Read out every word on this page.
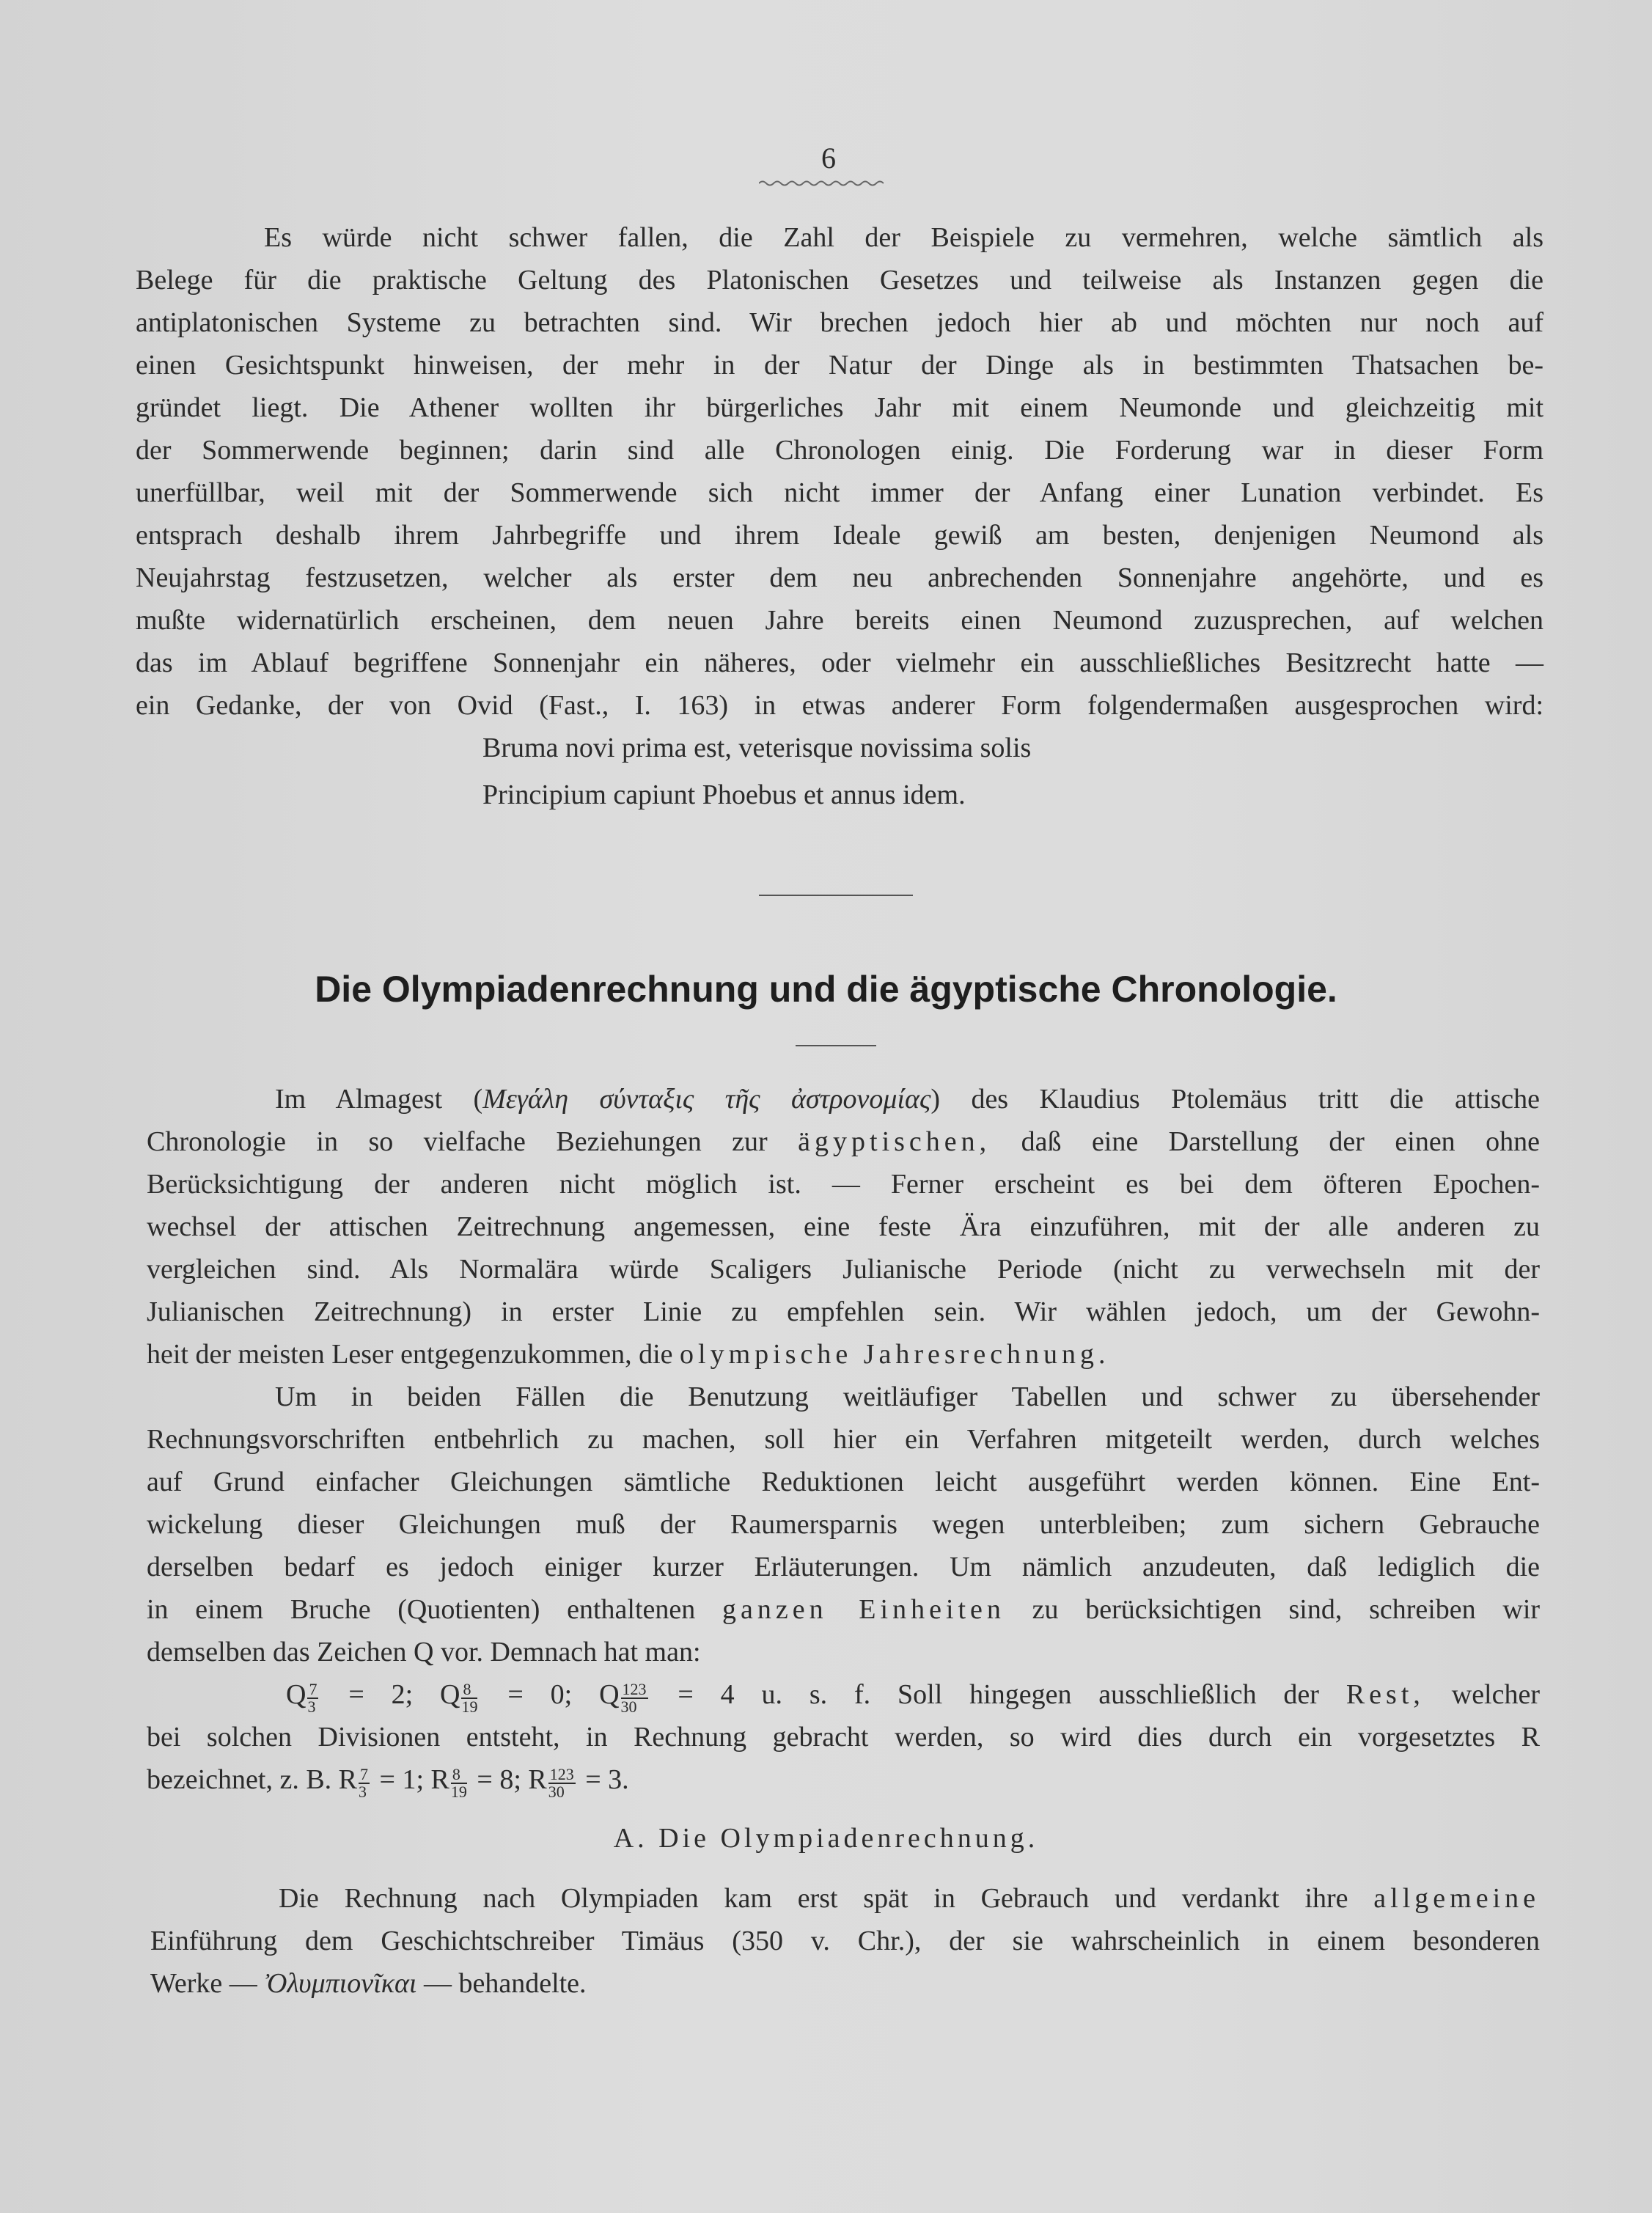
6
Es würde nicht schwer fallen, die Zahl der Beispiele zu vermehren, welche sämtlich als
Belege für die praktische Geltung des Platonischen Gesetzes und teilweise als Instanzen gegen die
antiplatonischen Systeme zu betrachten sind. Wir brechen jedoch hier ab und möchten nur noch auf
einen Gesichtspunkt hinweisen, der mehr in der Natur der Dinge als in bestimmten Thatsachen be-
gründet liegt. Die Athener wollten ihr bürgerliches Jahr mit einem Neumonde und gleichzeitig mit
der Sommerwende beginnen; darin sind alle Chronologen einig. Die Forderung war in dieser Form
unerfüllbar, weil mit der Sommerwende sich nicht immer der Anfang einer Lunation verbindet. Es
entsprach deshalb ihrem Jahrbegriffe und ihrem Ideale gewiß am besten, denjenigen Neumond als
Neujahrstag festzusetzen, welcher als erster dem neu anbrechenden Sonnenjahre angehörte, und es
mußte widernatürlich erscheinen, dem neuen Jahre bereits einen Neumond zuzusprechen, auf welchen
das im Ablauf begriffene Sonnenjahr ein näheres, oder vielmehr ein ausschließliches Besitzrecht hatte —
ein Gedanke, der von Ovid (Fast., I. 163) in etwas anderer Form folgendermaßen ausgesprochen wird:
Bruma novi prima est, veterisque novissima solis
Principium capiunt Phoebus et annus idem.
Die Olympiadenrechnung und die ägyptische Chronologie.
Im Almagest (Μεγάλη σύνταξις τῆς ἀστρονομίας) des Klaudius Ptolemäus tritt die attische
Chronologie in so vielfache Beziehungen zur ägyptischen, daß eine Darstellung der einen ohne
Berücksichtigung der anderen nicht möglich ist. — Ferner erscheint es bei dem öfteren Epochen-
wechsel der attischen Zeitrechnung angemessen, eine feste Ära einzuführen, mit der alle anderen zu
vergleichen sind. Als Normalära würde Scaligers Julianische Periode (nicht zu verwechseln mit der
Julianischen Zeitrechnung) in erster Linie zu empfehlen sein. Wir wählen jedoch, um der Gewohn-
heit der meisten Leser entgegenzukommen, die olympische Jahresrechnung.
Um in beiden Fällen die Benutzung weitläufiger Tabellen und schwer zu übersehender
Rechnungsvorschriften entbehrlich zu machen, soll hier ein Verfahren mitgeteilt werden, durch welches
auf Grund einfacher Gleichungen sämtliche Reduktionen leicht ausgeführt werden können. Eine Ent-
wickelung dieser Gleichungen muß der Raumersparnis wegen unterbleiben; zum sichern Gebrauche
derselben bedarf es jedoch einiger kurzer Erläuterungen. Um nämlich anzudeuten, daß lediglich die
in einem Bruche (Quotienten) enthaltenen ganzen Einheiten zu berücksichtigen sind, schreiben wir
demselben das Zeichen Q vor. Demnach hat man:
Q $\frac{7}{3} = 2$; Q $\frac{8}{19} = 0$; Q $\frac{123}{30} = 4$ u. s. f. Soll hingegen ausschließlich der Rest, welcher
bei solchen Divisionen entsteht, in Rechnung gebracht werden, so wird dies durch ein vorgesetztes R
bezeichnet, z. B. R $\frac{7}{3} = 1$; R $\frac{8}{19} = 8$; R $\frac{123}{30} = 3$.
A. Die Olympiadenrechnung.
Die Rechnung nach Olympiaden kam erst spät in Gebrauch und verdankt ihre allgemeine
Einführung dem Geschichtschreiber Timäus (350 v. Chr.), der sie wahrscheinlich in einem besonderen
Werke — Ὀλυμπιονῖκαι — behandelte.
